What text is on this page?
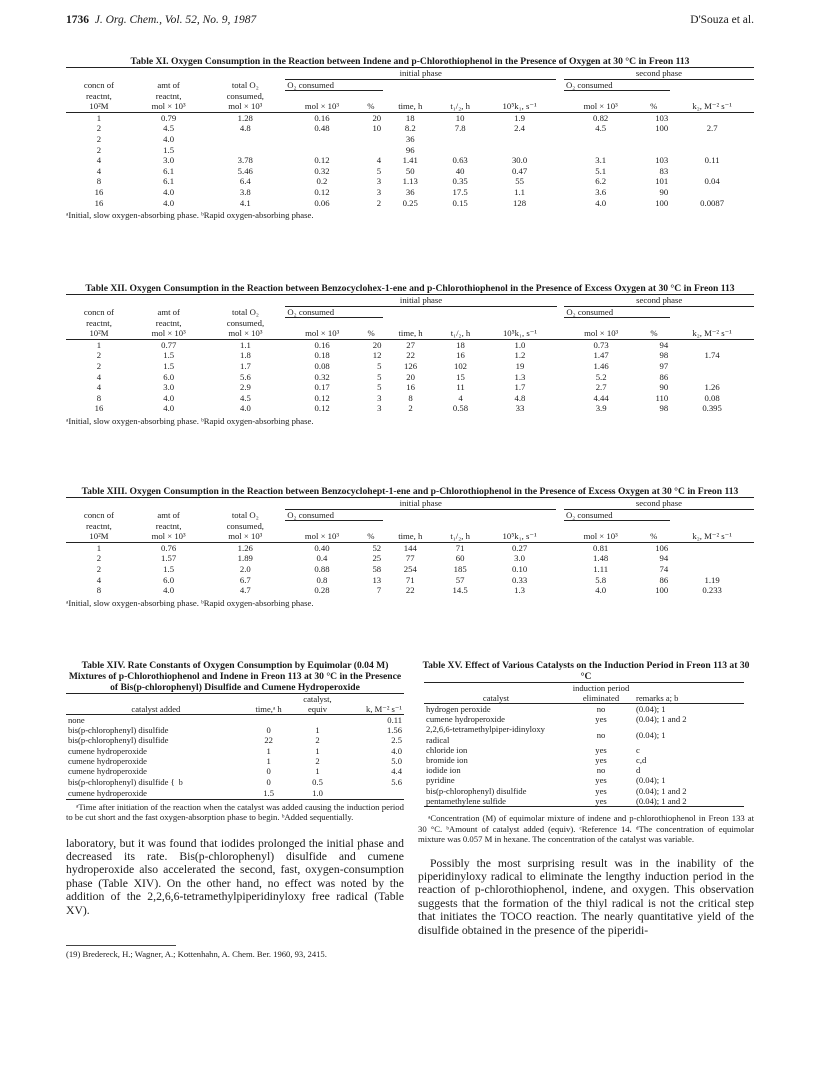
1736 J. Org. Chem., Vol. 52, No. 9, 1987	D'Souza et al.
Table XI. Oxygen Consumption in the Reaction between Indene and p-Chlorothiophenol in the Presence of Oxygen at 30 °C in Freon 113
			initial phase						second phase		
concn of	amt of	total O₂	O₂ consumed						O₂ consumed		
reactnt,	reactnt,	consumed,									
10²M	mol × 10³	mol × 10³	mol × 10³	%	time, h	t₁/₂, h	10⁵k₁, s⁻¹		mol × 10³	%	k₂, M⁻² s⁻¹
1	0.79	1.28	0.16	20	18	10	1.9		0.82	103	
2	4.5	4.8	0.48	10	8.2	7.8	2.4		4.5	100	2.7
2	4.0				36						
2	1.5				96						
4	3.0	3.78	0.12	4	1.41	0.63	30.0		3.1	103	0.11
4	6.1	5.46	0.32	5	50	40	0.47		5.1	83	
8	6.1	6.4	0.2	3	1.13	0.35	55		6.2	101	0.04
16	4.0	3.8	0.12	3	36	17.5	1.1		3.6	90	
16	4.0	4.1	0.06	2	0.25	0.15	128		4.0	100	0.0087
ᵃInitial, slow oxygen-absorbing phase. ᵇRapid oxygen-absorbing phase.
Table XII. Oxygen Consumption in the Reaction between Benzocyclohex-1-ene and p-Chlorothiophenol in the Presence of Excess Oxygen at 30 °C in Freon 113
			initial phase						second phase		
concn of	amt of	total O₂	O₂ consumed						O₂ consumed		
reactnt,	reactnt,	consumed,									
10²M	mol × 10³	mol × 10³	mol × 10³	%	time, h	t₁/₂, h	10⁵k₁, s⁻¹		mol × 10³	%	k₂, M⁻² s⁻¹
1	0.77	1.1	0.16	20	27	18	1.0		0.73	94	
2	1.5	1.8	0.18	12	22	16	1.2		1.47	98	1.74
2	1.5	1.7	0.08	5	126	102	19		1.46	97	
4	6.0	5.6	0.32	5	20	15	1.3		5.2	86	
4	3.0	2.9	0.17	5	16	11	1.7		2.7	90	1.26
8	4.0	4.5	0.12	3	8	4	4.8		4.44	110	0.08
16	4.0	4.0	0.12	3	2	0.58	33		3.9	98	0.395
ᵃInitial, slow oxygen-absorbing phase. ᵇRapid oxygen-absorbing phase.
Table XIII. Oxygen Consumption in the Reaction between Benzocyclohept-1-ene and p-Chlorothiophenol in the Presence of Excess Oxygen at 30 °C in Freon 113
			initial phase						second phase		
concn of	amt of	total O₂	O₂ consumed						O₂ consumed		
reactnt,	reactnt,	consumed,									
10²M	mol × 10³	mol × 10³	mol × 10³	%	time, h	t₁/₂, h	10⁵k₁, s⁻¹		mol × 10³	%	k₂, M⁻² s⁻¹
1	0.76	1.26	0.40	52	144	71	0.27		0.81	106	
2	1.57	1.89	0.4	25	77	60	3.0		1.48	94	
2	1.5	2.0	0.88	58	254	185	0.10		1.11	74	
4	6.0	6.7	0.8	13	71	57	0.33		5.8	86	1.19
8	4.0	4.7	0.28	7	22	14.5	1.3		4.0	100	0.233
ᵃInitial, slow oxygen-absorbing phase. ᵇRapid oxygen-absorbing phase.
Table XIV. Rate Constants of Oxygen Consumption by Equimolar (0.04 M) Mixtures of p-Chlorothiophenol and Indene in Freon 113 at 30 °C in the Presence of Bis(p-chlorophenyl) Disulfide and Cumene Hydroperoxide
catalyst added	time,ᵃ h	catalyst, equiv	k, M⁻² s⁻¹
none			0.11
bis(p-chlorophenyl) disulfide	0	1	1.56
bis(p-chlorophenyl) disulfide	22	2	2.5
cumene hydroperoxide	1	1	4.0
cumene hydroperoxide	1	2	5.0
cumene hydroperoxide	0	1	4.4
bis(p-chlorophenyl) disulfide { b	0	0.5	5.6
cumene hydroperoxide	1.5	1.0	
ᵃTime after initiation of the reaction when the catalyst was added causing the induction period to be cut short and the fast oxygen-absorption phase to begin. ᵇAdded sequentially.
laboratory, but it was found that iodides prolonged the initial phase and decreased its rate. Bis(p-chlorophenyl) disulfide and cumene hydroperoxide also accelerated the second, fast, oxygen-consumption phase (Table XIV). On the other hand, no effect was noted by the addition of the 2,2,6,6-tetramethylpiperidinyloxy free radical (Table XV).
(19) Bredereck, H.; Wagner, A.; Kottenhahn, A. Chem. Ber. 1960, 93, 2415.
Table XV. Effect of Various Catalysts on the Induction Period in Freon 113 at 30 °C
catalyst	induction period eliminated	remarks a; b
hydrogen peroxide	no	(0.04); 1
cumene hydroperoxide	yes	(0.04); 1 and 2
2,2,6,6-tetramethylpiper-idinyloxy radical	no	(0.04); 1
chloride ion	yes	c
bromide ion	yes	c,d
iodide ion	no	d
pyridine	yes	(0.04); 1
bis(p-chlorophenyl) disulfide	yes	(0.04); 1 and 2
pentamethylene sulfide	yes	(0.04); 1 and 2
ᵃConcentration (M) of equimolar mixture of indene and p-chlorothiophenol in Freon 133 at 30 °C. ᵇAmount of catalyst added (equiv). ᶜReference 14. ᵈThe concentration of equimolar mixture was 0.057 M in hexane. The concentration of the catalyst was variable.
Possibly the most surprising result was in the inability of the piperidinyloxy radical to eliminate the lengthy induction period in the reaction of p-chlorothiophenol, indene, and oxygen. This observation suggests that the formation of the thiyl radical is not the critical step that initiates the TOCO reaction. The nearly quantitative yield of the disulfide obtained in the presence of the piperidi-
